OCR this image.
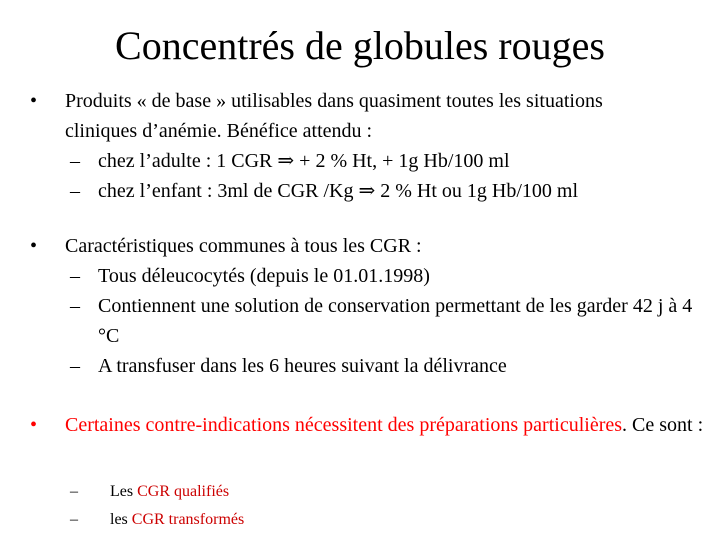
Concentrés de globules rouges
• Produits « de base » utilisables dans quasiment toutes les situations
cliniques d’anémie. Bénéfice attendu :
– chez l’adulte : 1 CGR ⇒ + 2 % Ht, + 1g Hb/100 ml
– chez l’enfant : 3ml de CGR /Kg ⇒ 2 % Ht ou 1g Hb/100 ml
• Caractéristiques communes à tous les CGR :
– Tous déleucocytés (depuis le 01.01.1998)
– Contiennent une solution de conservation permettant de les garder 42 j à 4 °C
– A transfuser dans les 6 heures suivant la délivrance
• Certaines contre-indications nécessitent des préparations particulières. Ce sont :
– Les CGR qualifiés
– les CGR transformés
